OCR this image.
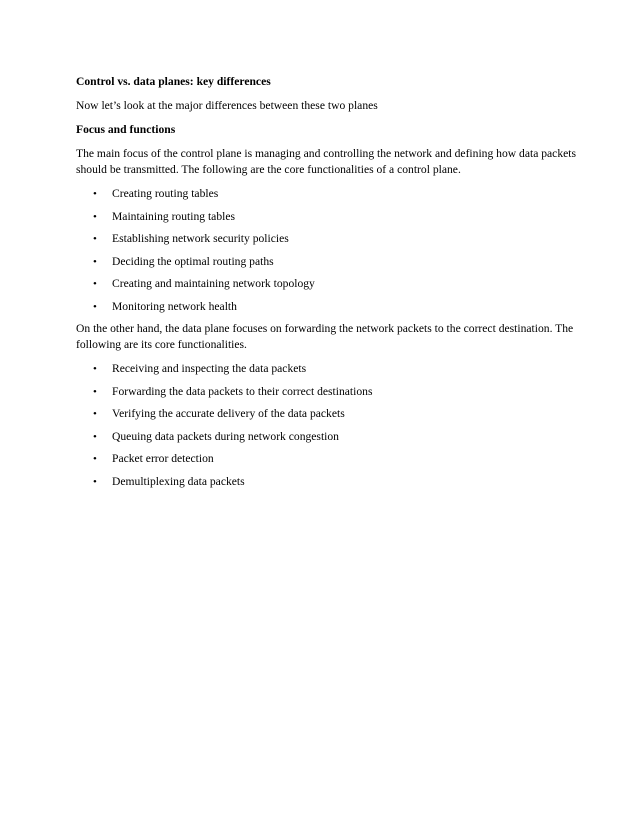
Control vs. data planes: key differences
Now let’s look at the major differences between these two planes
Focus and functions
The main focus of the control plane is managing and controlling the network and defining how data packets should be transmitted. The following are the core functionalities of a control plane.
• Creating routing tables
• Maintaining routing tables
• Establishing network security policies
• Deciding the optimal routing paths
• Creating and maintaining network topology
• Monitoring network health
On the other hand, the data plane focuses on forwarding the network packets to the correct destination. The following are its core functionalities.
• Receiving and inspecting the data packets
• Forwarding the data packets to their correct destinations
• Verifying the accurate delivery of the data packets
• Queuing data packets during network congestion
• Packet error detection
• Demultiplexing data packets
